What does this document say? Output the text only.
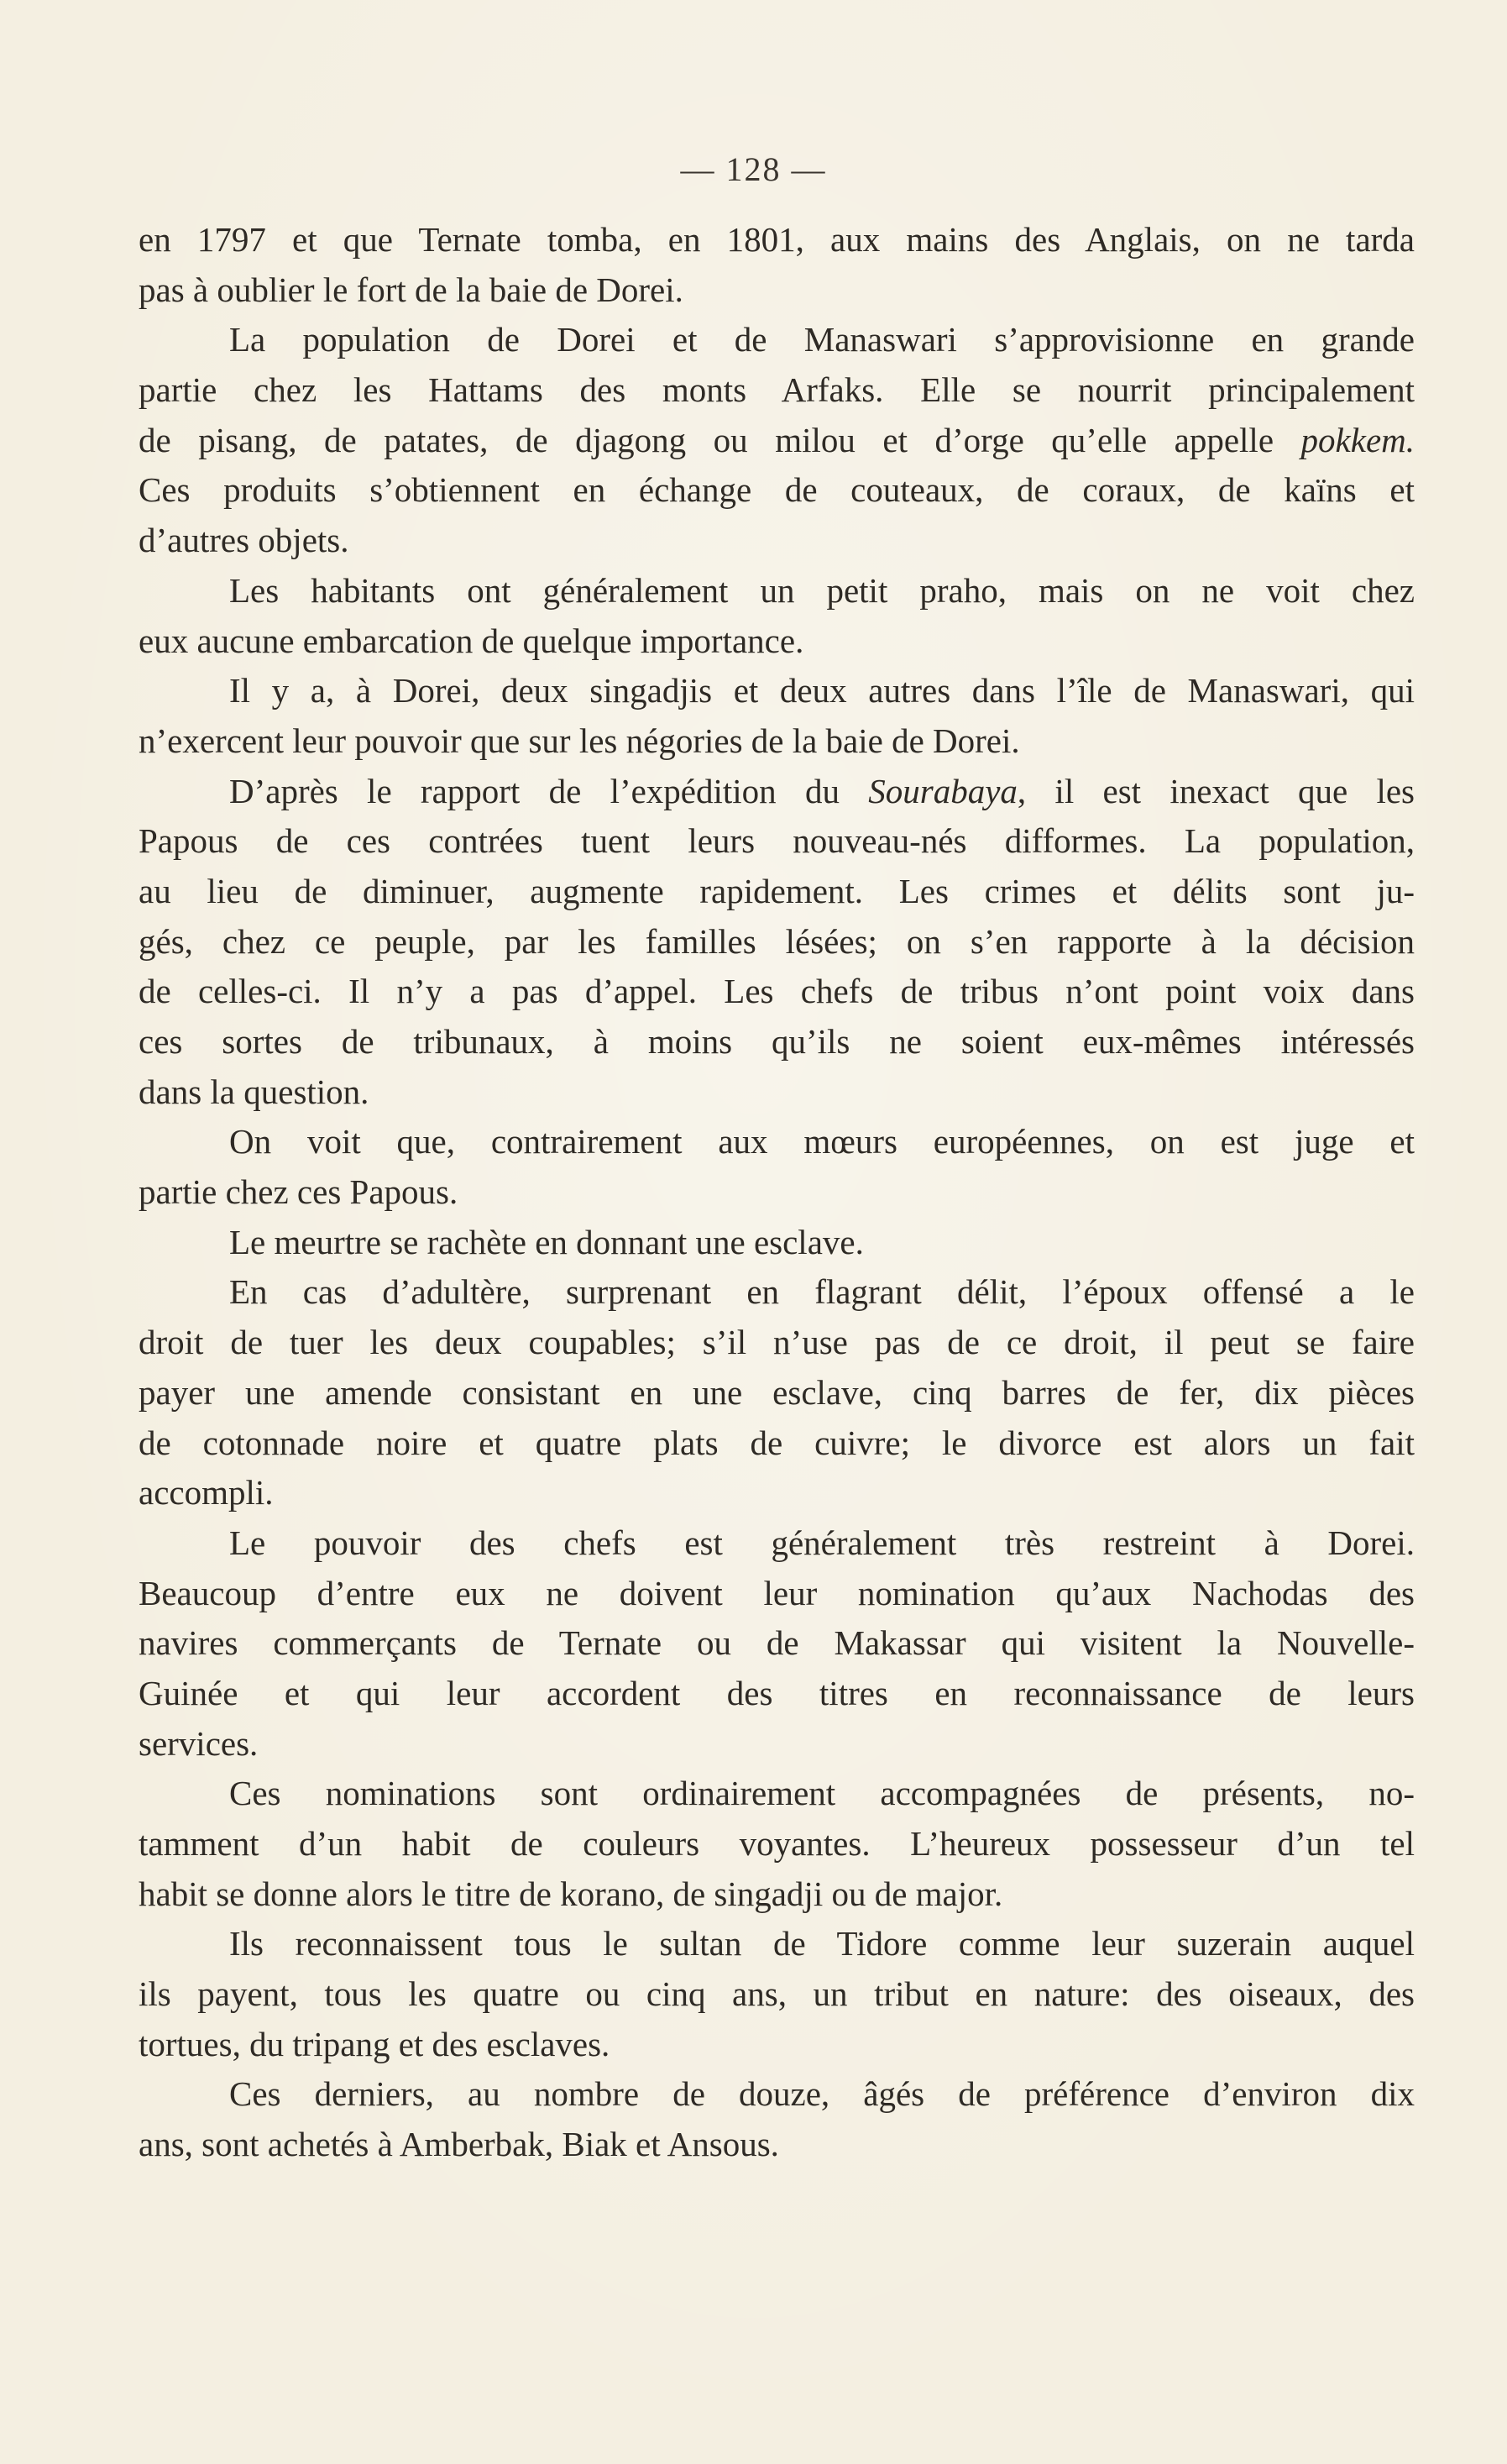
— 128 —
en 1797 et que Ternate tomba, en 1801, aux mains des Anglais, on ne tarda
pas à oublier le fort de la baie de Dorei.
La population de Dorei et de Manaswari s’approvisionne en grande
partie chez les Hattams des monts Arfaks. Elle se nourrit principalement
de pisang, de patates, de djagong ou milou et d’orge qu’elle appelle pokkem.
Ces produits s’obtiennent en échange de couteaux, de coraux, de kaïns et
d’autres objets.
Les habitants ont généralement un petit praho, mais on ne voit chez
eux aucune embarcation de quelque importance.
Il y a, à Dorei, deux singadjis et deux autres dans l’île de Manaswari, qui
n’exercent leur pouvoir que sur les négories de la baie de Dorei.
D’après le rapport de l’expédition du Sourabaya, il est inexact que les
Papous de ces contrées tuent leurs nouveau-nés difformes. La population,
au lieu de diminuer, augmente rapidement. Les crimes et délits sont ju-
gés, chez ce peuple, par les familles lésées; on s’en rapporte à la décision
de celles-ci. Il n’y a pas d’appel. Les chefs de tribus n’ont point voix dans
ces sortes de tribunaux, à moins qu’ils ne soient eux-mêmes intéressés
dans la question.
On voit que, contrairement aux mœurs européennes, on est juge et
partie chez ces Papous.
Le meurtre se rachète en donnant une esclave.
En cas d’adultère, surprenant en flagrant délit, l’époux offensé a le
droit de tuer les deux coupables; s’il n’use pas de ce droit, il peut se faire
payer une amende consistant en une esclave, cinq barres de fer, dix pièces
de cotonnade noire et quatre plats de cuivre; le divorce est alors un fait
accompli.
Le pouvoir des chefs est généralement très restreint à Dorei.
Beaucoup d’entre eux ne doivent leur nomination qu’aux Nachodas des
navires commerçants de Ternate ou de Makassar qui visitent la Nouvelle-
Guinée et qui leur accordent des titres en reconnaissance de leurs
services.
Ces nominations sont ordinairement accompagnées de présents, no-
tamment d’un habit de couleurs voyantes. L’heureux possesseur d’un tel
habit se donne alors le titre de korano, de singadji ou de major.
Ils reconnaissent tous le sultan de Tidore comme leur suzerain auquel
ils payent, tous les quatre ou cinq ans, un tribut en nature: des oiseaux, des
tortues, du tripang et des esclaves.
Ces derniers, au nombre de douze, âgés de préférence d’environ dix
ans, sont achetés à Amberbak, Biak et Ansous.
